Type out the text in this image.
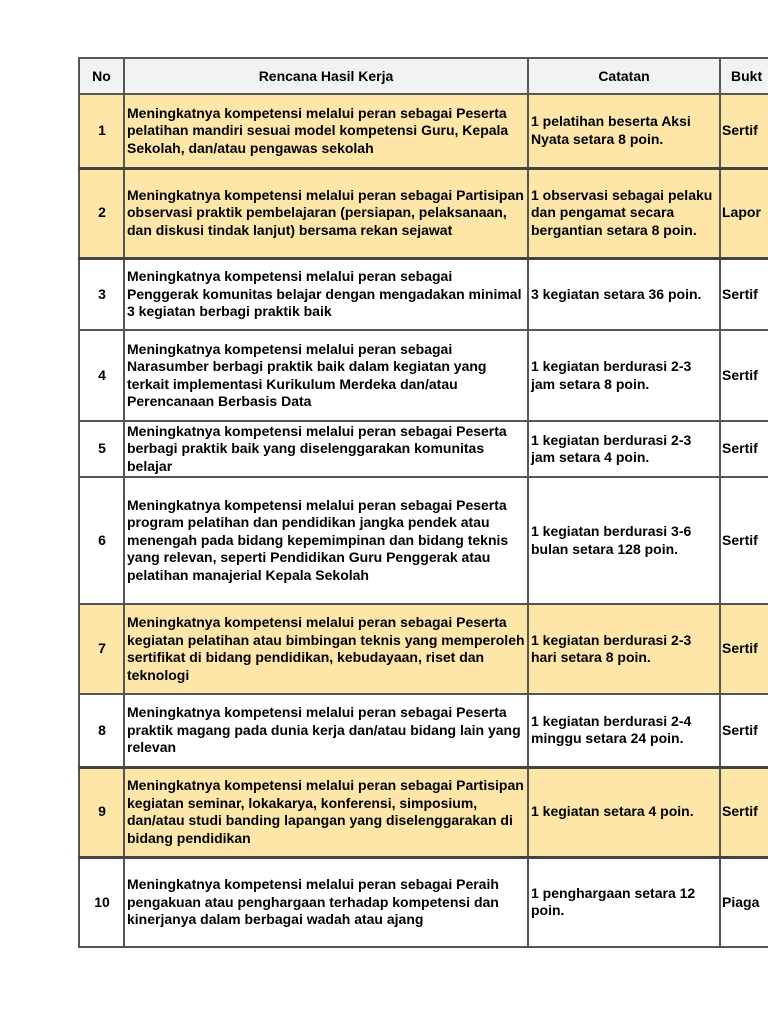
No	Rencana Hasil Kerja	Catatan	Bukt
1	Meningkatnya kompetensi melalui peran sebagai Peserta pelatihan mandiri sesuai model kompetensi Guru, Kepala Sekolah, dan/atau pengawas sekolah	1 pelatihan beserta Aksi Nyata setara 8 poin.	Sertif
2	Meningkatnya kompetensi melalui peran sebagai Partisipan observasi praktik pembelajaran (persiapan, pelaksanaan, dan diskusi tindak lanjut) bersama rekan sejawat	1 observasi sebagai pelaku dan pengamat secara bergantian setara 8 poin.	Lapor
3	Meningkatnya kompetensi melalui peran sebagai Penggerak komunitas belajar dengan mengadakan minimal 3 kegiatan berbagi praktik baik	3 kegiatan setara 36 poin.	Sertif
4	Meningkatnya kompetensi melalui peran sebagai Narasumber berbagi praktik baik dalam kegiatan yang terkait implementasi Kurikulum Merdeka dan/atau Perencanaan Berbasis Data	1 kegiatan berdurasi 2-3 jam setara 8 poin.	Sertif
5	Meningkatnya kompetensi melalui peran sebagai Peserta berbagi praktik baik yang diselenggarakan komunitas belajar	1 kegiatan berdurasi 2-3 jam setara 4 poin.	Sertif
6	Meningkatnya kompetensi melalui peran sebagai Peserta program pelatihan dan pendidikan jangka pendek atau menengah pada bidang kepemimpinan dan bidang teknis yang relevan, seperti Pendidikan Guru Penggerak atau pelatihan manajerial Kepala Sekolah	1 kegiatan berdurasi 3-6 bulan setara 128 poin.	Sertif
7	Meningkatnya kompetensi melalui peran sebagai Peserta kegiatan pelatihan atau bimbingan teknis yang memperoleh sertifikat di bidang pendidikan, kebudayaan, riset dan teknologi	1 kegiatan berdurasi 2-3 hari setara 8 poin.	Sertif
8	Meningkatnya kompetensi melalui peran sebagai Peserta praktik magang pada dunia kerja dan/atau bidang lain yang relevan	1 kegiatan berdurasi 2-4 minggu setara 24 poin.	Sertif
9	Meningkatnya kompetensi melalui peran sebagai Partisipan kegiatan seminar, lokakarya, konferensi, simposium, dan/atau studi banding lapangan yang diselenggarakan di bidang pendidikan	1 kegiatan setara 4 poin.	Sertif
10	Meningkatnya kompetensi melalui peran sebagai Peraih pengakuan atau penghargaan terhadap kompetensi dan kinerjanya dalam berbagai wadah atau ajang	1 penghargaan setara 12 poin.	Piaga
